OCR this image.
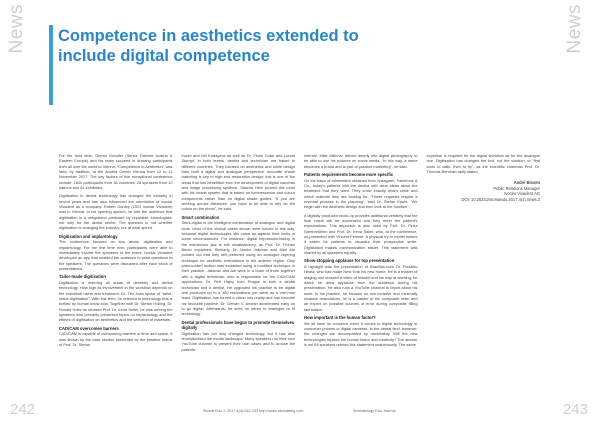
News	News
Competence in aesthetics extended to include digital competence

For the third time, Gernot Schuller (Senior Director Austria & Eastern Europe) and his team succeed in drawing participants from all over the world to Vienna. “Competence in Aesthetics” was held, by tradition, at the Austria Center Vienna from 10 to 11 November 2017. The key factors of this exceptional conference include: 1600 participants from 36 countries, 28 speakers from 10 nations and 61 exhibitors.

Digitisation in dental technology has changed the industry in recent years and has also influenced the orientation of Ivoclar Vivadent as a company. Robert Ganley (CEO Ivoclar Vivadent) was in Vienna. In his opening speech, he told the audience that digitisation is a megatrend predicted by reputable futurologists: not only for the dental sector. The question is not whether digitisation is changing the industry, but at what speed.

Digitisation and implantology

The conference focused on two areas: digitisation and implantology. For the first time ever, participants were able to immediately involve the speakers of the event. Ivoclar Vivadent developed an app that enabled the audience to pose questions to the speakers. The questions were discussed after each block of presentations.

Tailor-made digitisation

Digitisation is entering all areas of dentistry and dental technology. How high its involvement in the workflow depends on the individual users and treatment. Dr. Tim Joda spoke of “tailor-made digitisation”. With this term, he referred to technology that is fuelled by human know-how. Together with Dr. Stefan Holling, Dr. Ronald Holts he showed Prof. Dr. Irena Seller, he was among the speakers who primarily presented topics on implantology and the effects of digitisation on aesthetics and the selection of materials.

CAD/CAM overcomes barriers

CAD/CAM is capable of overcoming barriers of time and space. It was shown by the case studies presented by the practice teams of Prof. Dr. Stefan

Koubi and Nili Kudayeva as well as Dr. Florin Cofar and Lorant Stumpf. In both teams, dentist and technician are based in different countries. They focused on aesthetics and smile design from both a digital and analogue perspective. Accurate shade matching is key to high-end restoration design; this is one of the areas that has benefitted from the development of digital cameras and image processing systems. Sascha Hein proved this point with his shade system that is based on luminescence and colour components rather than on digital shade guides. “If you are working across distances, you have to be able to rely on the colour on the photo”, he said.

Smart combination

Semi-digital is the intelligent combination of analogue and digital tools. Most of the clinical cases shown were solved in this way, because digital technologies still come up against their limits in some circumstances. For instance, digital impression-taking in the edentulous jaw is still unsatisfactory, as Prof. Dr. Florian Beuer explained. Similarly, Dr. Marko Jakovac and Mirri Ale pointed out that they still preferred using an analogue layering technique for aesthetic restorations in the anterior region. Only prerecorded motion was extracted using a modified technique in their practice. Jakovac and Ale work in a team of three together with a digital technician, who is responsible for the CAD/CAM applications. Dr. Petr Hajny from Prague is both a dental technician and a dentist. He upgraded his practice to be digital and produces up to a 150 restorations per week as a one-man team. Digitisation has turned a vision into reality and has become his favourite pastime. Dr. Gerwin V. Arnetzl accelerated early on to go digital. Afterwards, he sees no return to analogue or fit technology.

Dental professionals have begun to promote themselves digitally

Digitisation has not only changed technology, but it has also revolutionised the media landscape. Many speakers run their own YouTube channel to present their own cases and to arouse the patients'

interest. Mike Milkovic delved deeply into digital photography to be able to use his pictures on social media. “In this way, a name becomes a brand and is part of practice marketing”, he said.

Patients requirements become more specific

On the basis of information obtained from Instagram, Facebook & Co., today's patients visit the dentist with clear ideas about the treatment that they want. They know exactly which smile and which material they are looking for. “These requests require a reversal process in the planning”, said Dr. Stefan Koubi. “We begin with the aesthetic design and then look at the function”.

A digitally produced mock-up provides additional certainty that the final result will be successful and fully meet the patient's expectations. This approach is also used by Prof. Dr. Petra Gierthmühlen and Prof. Dr. Irena Sailer, who, at the conference, co-presented with Vincent Fehmer. A physical try-in model makes it easier for patients to visualize their prospective smile. Digitisation makes communication easier. This statement was shared by all speakers equally.

Show-stopping applause for top presentation

A highlight was the presentation of Brazilian-born Dr. Ronaldo Hirata, who has made New York his new home. He is a master of staging and showed a video of himself and his way of working, for which he drew applause from the audience during his presentation. He also runs a YouTube channel to report about his work. In his practice, he focuses on non-invasive and minimally invasive restorations, he is a master of the composite resin and an expert on possible sources of error during composite filling fabrication.

How important is the human factor?

We all have no concerns when it comes to digital technology or consumer phones or digital cameras. In the dental field, however, the changes are accompanied by uncertainty. Will the new technologies replace the human factor and creativity? The answer is no! All speakers refuted this statement unanimously. The same

expertise is required for the digital workflow as for the analogue one. Digitisation has changed the tool, not the solution, or “first learn to walk, then to fly”, as the scientific chairman Prof. Dr. Thomas Bernhart aptly stated.

André Bissen
Public Relations Manager
Ivoclar Vivadent AG
DOI: 10.25241/stomaedu.2017.4(4).news.2
242	243
Stoma Edu J. 2017;4(4):242-243 http://www.stomaeduj.com	Stomatology Edu Journal
